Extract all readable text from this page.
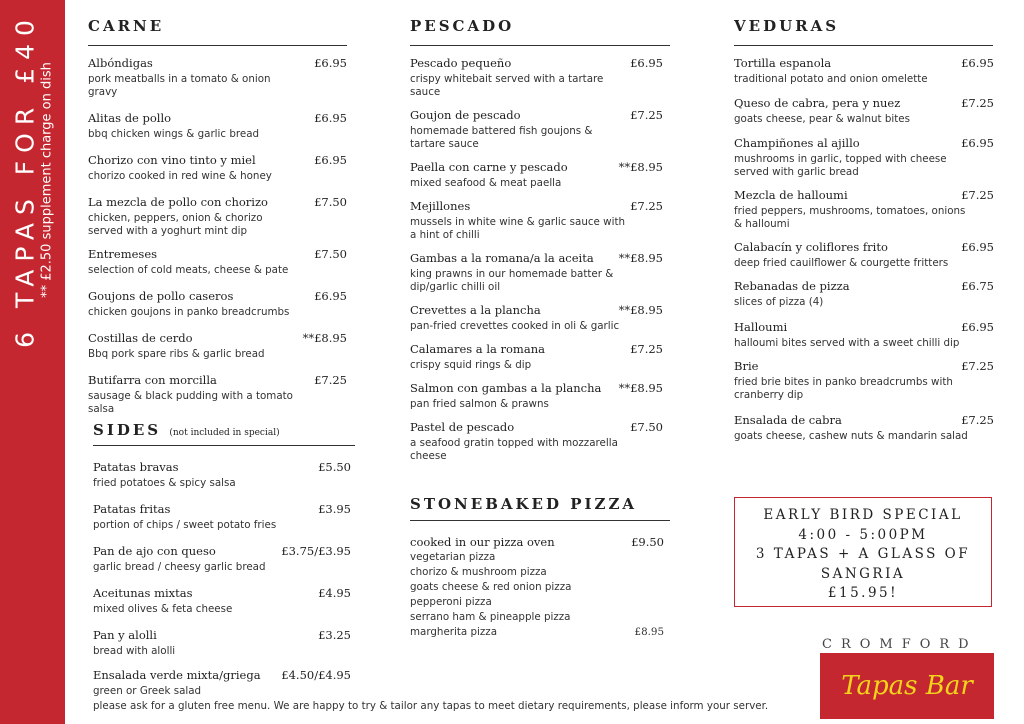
6 TAPAS FOR £40 ** £2.50 supplement charge on dish
CARNE
Albóndigas	£6.95
pork meatballs in a tomato & onion gravy
Alitas de pollo	£6.95
bbq chicken wings & garlic bread
Chorizo con vino tinto y miel	£6.95
chorizo cooked in red wine & honey
La mezcla de pollo con chorizo	£7.50
chicken, peppers, onion & chorizo served with a yoghurt mint dip
Entremeses	£7.50
selection of cold meats, cheese & pate
Goujons de pollo caseros	£6.95
chicken goujons in panko breadcrumbs
Costillas de cerdo	**£8.95
Bbq pork spare ribs & garlic bread
Butifarra con morcilla	£7.25
sausage & black pudding with a tomato salsa
SIDES (not included in special)
Patatas bravas	£5.50
fried potatoes & spicy salsa
Patatas fritas	£3.95
portion of chips / sweet potato fries
Pan de ajo con queso	£3.75/£3.95
garlic bread / cheesy garlic bread
Aceitunas mixtas	£4.95
mixed olives & feta cheese
Pan y alolli	£3.25
bread with alolli
Ensalada verde mixta/griega	£4.50/£4.95
green or Greek salad
PESCADO
Pescado pequeño	£6.95
crispy whitebait served with a tartare sauce
Goujon de pescado	£7.25
homemade battered fish goujons & tartare sauce
Paella con carne y pescado	**£8.95
mixed seafood & meat paella
Mejillones	£7.25
mussels in white wine & garlic sauce with a hint of chilli
Gambas a la romana/a la aceita	**£8.95
king prawns in our homemade batter & dip/garlic chilli oil
Crevettes a la plancha	**£8.95
pan-fried crevettes cooked in oli & garlic
Calamares a la romana	£7.25
crispy squid rings & dip
Salmon con gambas a la plancha	**£8.95
pan fried salmon & prawns
Pastel de pescado	£7.50
a seafood gratin topped with mozzarella cheese
STONEBAKED PIZZA
cooked in our pizza oven	£9.50
vegetarian pizza
chorizo & mushroom pizza
goats cheese & red onion pizza
pepperoni pizza
serrano ham & pineapple pizza
margherita pizza	£8.95
VEDURAS
Tortilla espanola	£6.95
traditional potato and onion omelette
Queso de cabra, pera y nuez	£7.25
goats cheese, pear & walnut bites
Champiñones al ajillo	£6.95
mushrooms in garlic, topped with cheese served with garlic bread
Mezcla de halloumi	£7.25
fried peppers, mushrooms, tomatoes, onions & halloumi
Calabacín y coliflores frito	£6.95
deep fried cauilflower & courgette fritters
Rebanadas de pizza	£6.75
slices of pizza (4)
Halloumi	£6.95
halloumi bites served with a sweet chilli dip
Brie	£7.25
fried brie bites in panko breadcrumbs with cranberry dip
Ensalada de cabra	£7.25
goats cheese, cashew nuts & mandarin salad
EARLY BIRD SPECIAL
4:00 - 5:00PM
3 TAPAS + A GLASS OF
SANGRIA
£15.95!
CROMFORD
Tapas Bar
please ask for a gluten free menu. We are happy to try & tailor any tapas to meet dietary requirements, please inform your server.
